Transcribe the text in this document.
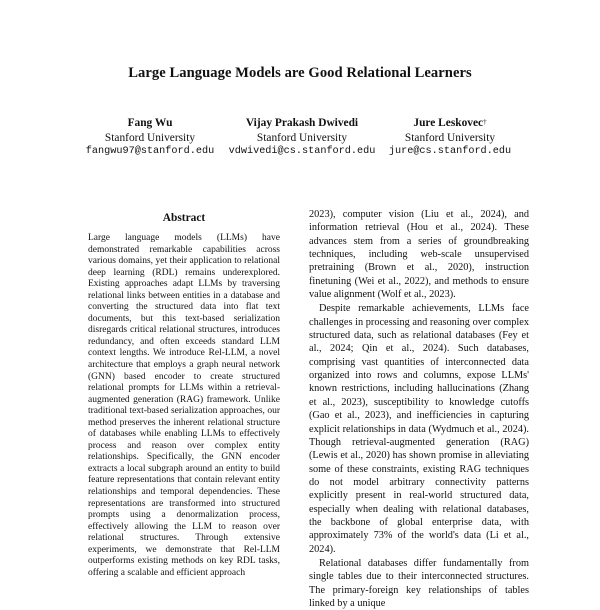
Large Language Models are Good Relational Learners
Fang Wu
Stanford University
fangwu97@stanford.edu
Vijay Prakash Dwivedi
Stanford University
vdwivedi@cs.stanford.edu
Jure Leskovec†
Stanford University
jure@cs.stanford.edu
Abstract
Large language models (LLMs) have demonstrated remarkable capabilities across various domains, yet their application to relational deep learning (RDL) remains underexplored. Existing approaches adapt LLMs by traversing relational links between entities in a database and converting the structured data into flat text documents, but this text-based serialization disregards critical relational structures, introduces redundancy, and often exceeds standard LLM context lengths. We introduce Rel-LLM, a novel architecture that employs a graph neural network (GNN) based encoder to create structured relational prompts for LLMs within a retrieval-augmented generation (RAG) framework. Unlike traditional text-based serialization approaches, our method preserves the inherent relational structure of databases while enabling LLMs to effectively process and reason over complex entity relationships. Specifically, the GNN encoder extracts a local subgraph around an entity to build feature representations that contain relevant entity relationships and temporal dependencies. These representations are transformed into structured prompts using a denormalization process, effectively allowing the LLM to reason over relational structures. Through extensive experiments, we demonstrate that Rel-LLM outperforms existing methods on key RDL tasks, offering a scalable and efficient approach

2023), computer vision (Liu et al., 2024), and information retrieval (Hou et al., 2024). These advances stem from a series of groundbreaking techniques, including web-scale unsupervised pretraining (Brown et al., 2020), instruction finetuning (Wei et al., 2022), and methods to ensure value alignment (Wolf et al., 2023).

Despite remarkable achievements, LLMs face challenges in processing and reasoning over complex structured data, such as relational databases (Fey et al., 2024; Qin et al., 2024). Such databases, comprising vast quantities of interconnected data organized into rows and columns, expose LLMs' known restrictions, including hallucinations (Zhang et al., 2023), susceptibility to knowledge cutoffs (Gao et al., 2023), and inefficiencies in capturing explicit relationships in data (Wydmuch et al., 2024). Though retrieval-augmented generation (RAG) (Lewis et al., 2020) has shown promise in alleviating some of these constraints, existing RAG techniques do not model arbitrary connectivity patterns explicitly present in real-world structured data, especially when dealing with relational databases, the backbone of global enterprise data, with approximately 73% of the world's data (Li et al., 2024).

Relational databases differ fundamentally from single tables due to their interconnected structures. The primary-foreign key relationships of tables linked by a unique
